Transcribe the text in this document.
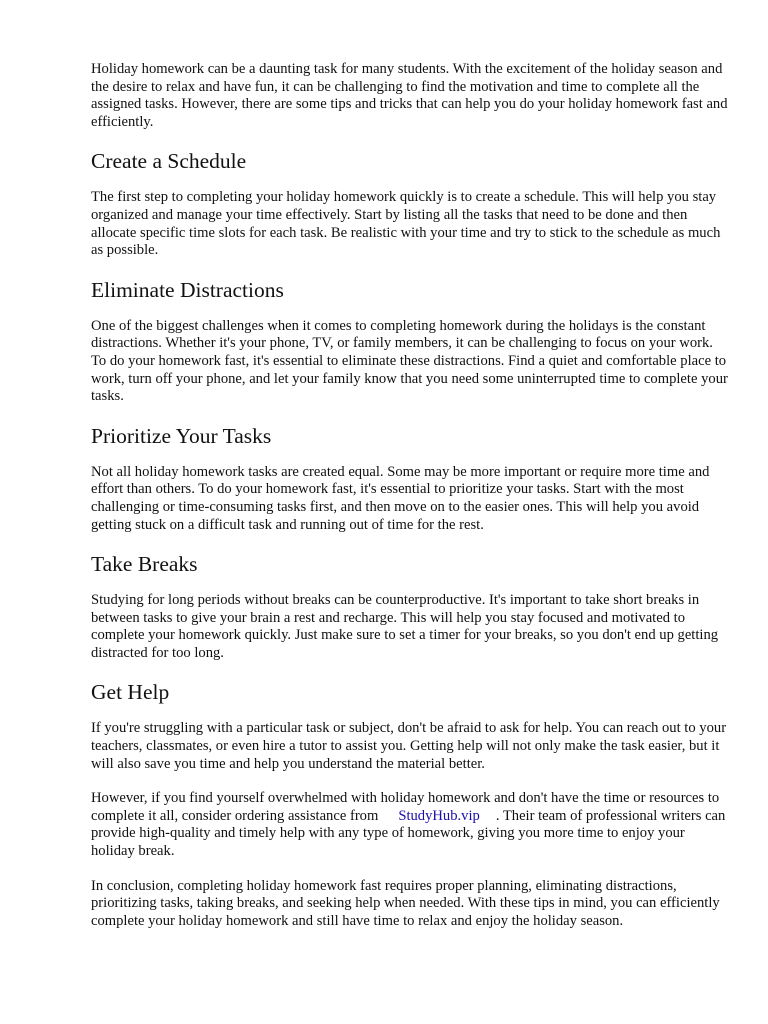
Holiday homework can be a daunting task for many students. With the excitement of the holiday season and the desire to relax and have fun, it can be challenging to find the motivation and time to complete all the assigned tasks. However, there are some tips and tricks that can help you do your holiday homework fast and efficiently.

Create a Schedule

The first step to completing your holiday homework quickly is to create a schedule. This will help you stay organized and manage your time effectively. Start by listing all the tasks that need to be done and then allocate specific time slots for each task. Be realistic with your time and try to stick to the schedule as much as possible.

Eliminate Distractions

One of the biggest challenges when it comes to completing homework during the holidays is the constant distractions. Whether it's your phone, TV, or family members, it can be challenging to focus on your work. To do your homework fast, it's essential to eliminate these distractions. Find a quiet and comfortable place to work, turn off your phone, and let your family know that you need some uninterrupted time to complete your tasks.

Prioritize Your Tasks

Not all holiday homework tasks are created equal. Some may be more important or require more time and effort than others. To do your homework fast, it's essential to prioritize your tasks. Start with the most challenging or time-consuming tasks first, and then move on to the easier ones. This will help you avoid getting stuck on a difficult task and running out of time for the rest.

Take Breaks

Studying for long periods without breaks can be counterproductive. It's important to take short breaks in between tasks to give your brain a rest and recharge. This will help you stay focused and motivated to complete your homework quickly. Just make sure to set a timer for your breaks, so you don't end up getting distracted for too long.

Get Help

If you're struggling with a particular task or subject, don't be afraid to ask for help. You can reach out to your teachers, classmates, or even hire a tutor to assist you. Getting help will not only make the task easier, but it will also save you time and help you understand the material better.

However, if you find yourself overwhelmed with holiday homework and don't have the time or resources to complete it all, consider ordering assistance from StudyHub.vip . Their team of professional writers can provide high-quality and timely help with any type of homework, giving you more time to enjoy your holiday break.

In conclusion, completing holiday homework fast requires proper planning, eliminating distractions, prioritizing tasks, taking breaks, and seeking help when needed. With these tips in mind, you can efficiently complete your holiday homework and still have time to relax and enjoy the holiday season.
